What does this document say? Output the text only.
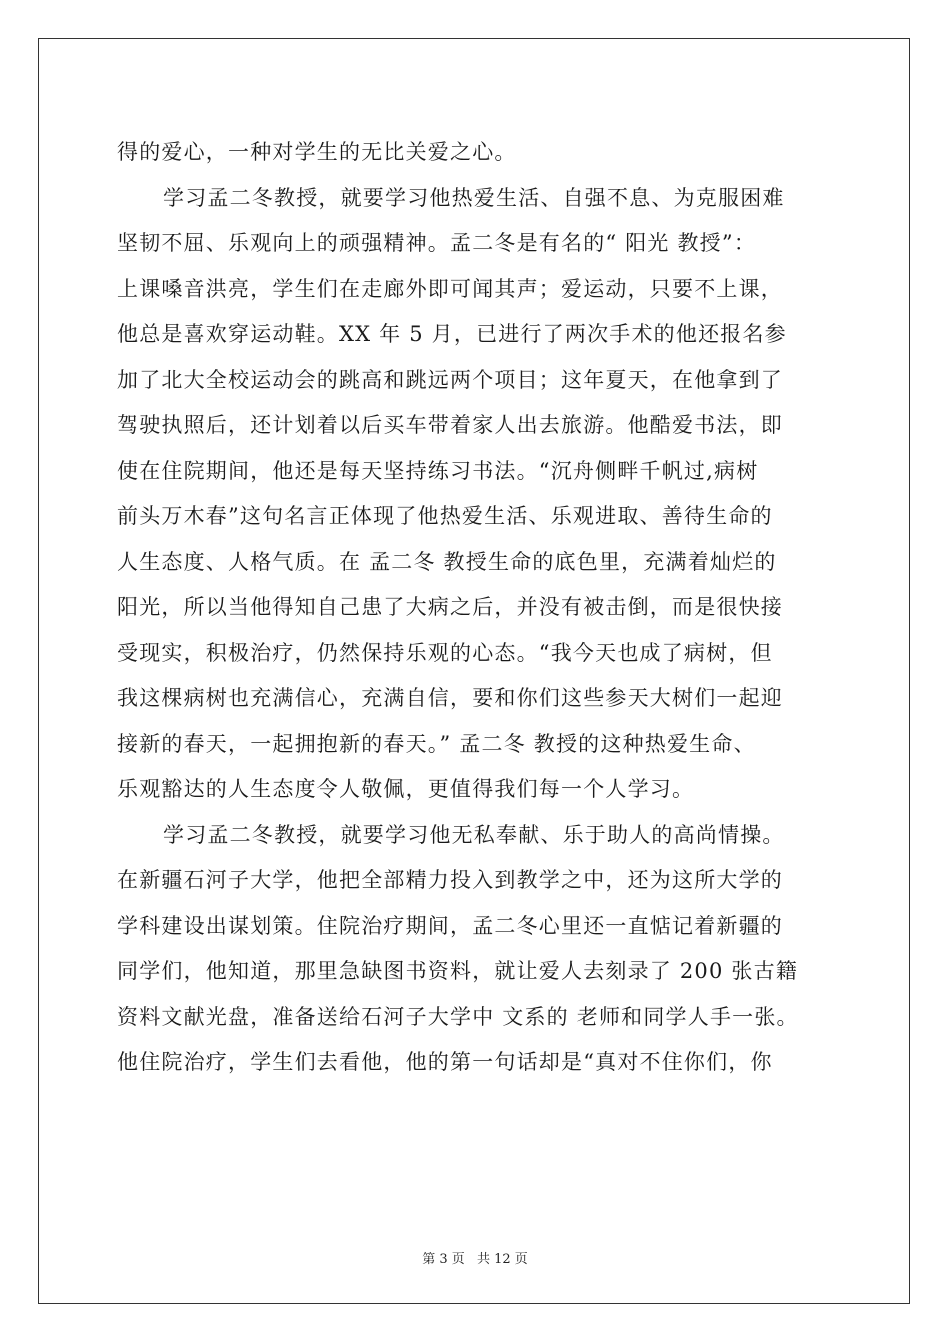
得的爱心，一种对学生的无比关爱之心。
学习孟二冬教授，就要学习他热爱生活、自强不息、为克服困难
坚韧不屈、乐观向上的顽强精神。孟二冬是有名的“ 阳光 教授”：
上课嗓音洪亮，学生们在走廊外即可闻其声；爱运动，只要不上课，
他总是喜欢穿运动鞋。XX 年 5 月，已进行了两次手术的他还报名参
加了北大全校运动会的跳高和跳远两个项目；这年夏天，在他拿到了
驾驶执照后，还计划着以后买车带着家人出去旅游。他酷爱书法，即
使在住院期间，他还是每天坚持练习书法。“沉舟侧畔千帆过,病树
前头万木春”这句名言正体现了他热爱生活、乐观进取、善待生命的
人生态度、人格气质。在 孟二冬 教授生命的底色里，充满着灿烂的
阳光，所以当他得知自己患了大病之后，并没有被击倒，而是很快接
受现实，积极治疗，仍然保持乐观的心态。“我今天也成了病树，但
我这棵病树也充满信心，充满自信，要和你们这些参天大树们一起迎
接新的春天，一起拥抱新的春天。” 孟二冬 教授的这种热爱生命、
乐观豁达的人生态度令人敬佩，更值得我们每一个人学习。
学习孟二冬教授，就要学习他无私奉献、乐于助人的高尚情操。
在新疆石河子大学，他把全部精力投入到教学之中，还为这所大学的
学科建设出谋划策。住院治疗期间，孟二冬心里还一直惦记着新疆的
同学们，他知道，那里急缺图书资料，就让爱人去刻录了 200 张古籍
资料文献光盘，准备送给石河子大学中 文系的 老师和同学人手一张。
他住院治疗，学生们去看他，他的第一句话却是“真对不住你们，你
第 3 页 共 12 页
